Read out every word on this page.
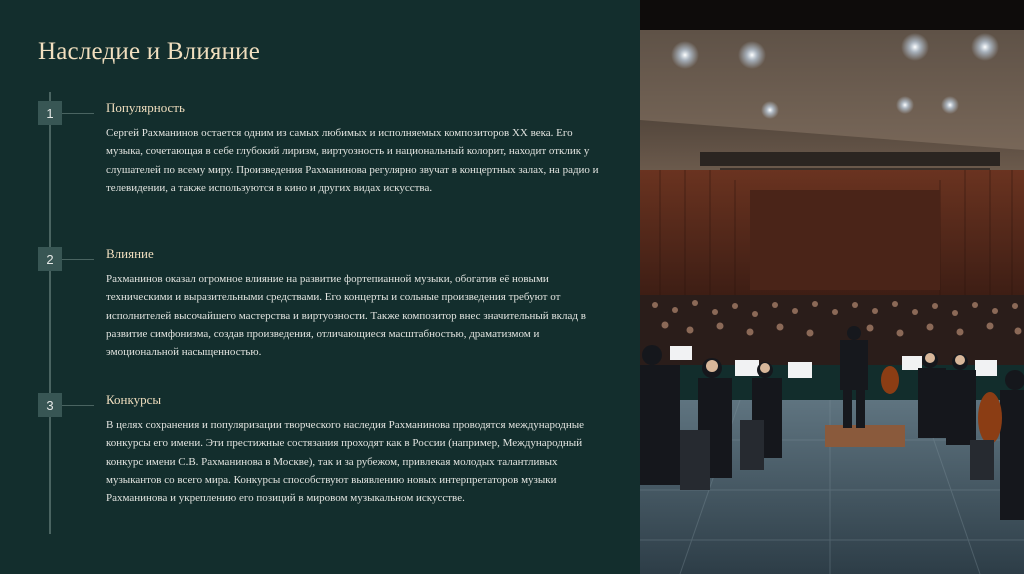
Наследие и Влияние
1	Популярность
Сергей Рахманинов остается одним из самых любимых и исполняемых композиторов XX века. Его музыка, сочетающая в себе глубокий лиризм, виртуозность и национальный колорит, находит отклик у слушателей по всему миру. Произведения Рахманинова регулярно звучат в концертных залах, на радио и телевидении, а также используются в кино и других видах искусства.
2	Влияние
Рахманинов оказал огромное влияние на развитие фортепианной музыки, обогатив её новыми техническими и выразительными средствами. Его концерты и сольные произведения требуют от исполнителей высочайшего мастерства и виртуозности. Также композитор внес значительный вклад в развитие симфонизма, создав произведения, отличающиеся масштабностью, драматизмом и эмоциональной насыщенностью.
3	Конкурсы
В целях сохранения и популяризации творческого наследия Рахманинова проводятся международные конкурсы его имени. Эти престижные состязания проходят как в России (например, Международный конкурс имени С.В. Рахманинова в Москве), так и за рубежом, привлекая молодых талантливых музыкантов со всего мира. Конкурсы способствуют выявлению новых интерпретаторов музыки Рахманинова и укреплению его позиций в мировом музыкальном искусстве.
